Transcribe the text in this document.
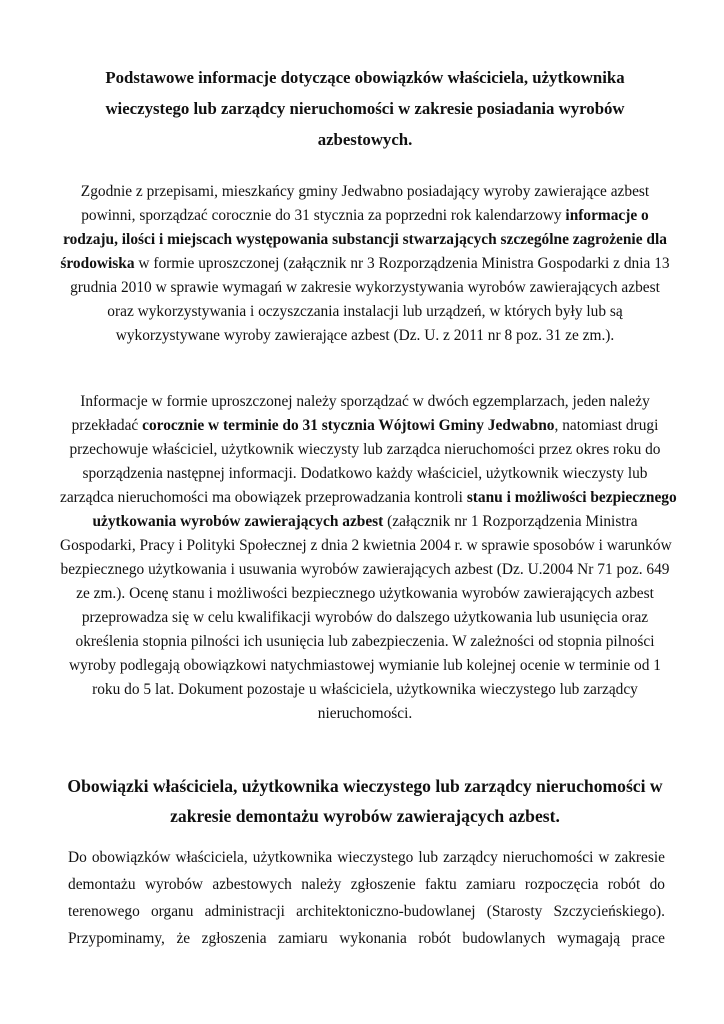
Podstawowe informacje dotyczące obowiązków właściciela, użytkownika
wieczystego lub zarządcy nieruchomości w zakresie posiadania wyrobów
azbestowych.
Zgodnie z przepisami, mieszkańcy gminy Jedwabno posiadający wyroby zawierające azbest
powinni, sporządzać corocznie do 31 stycznia za poprzedni rok kalendarzowy informacje o
rodzaju, ilości i miejscach występowania substancji stwarzających szczególne zagrożenie dla
środowiska w formie uproszczonej (załącznik nr 3 Rozporządzenia Ministra Gospodarki z dnia 13
grudnia 2010 w sprawie wymagań w zakresie wykorzystywania wyrobów zawierających azbest
oraz wykorzystywania i oczyszczania instalacji lub urządzeń, w których były lub są
wykorzystywane wyroby zawierające azbest (Dz. U. z 2011 nr 8 poz. 31 ze zm.).
Informacje w formie uproszczonej należy sporządzać w dwóch egzemplarzach, jeden należy
przekładać corocznie w terminie do 31 stycznia Wójtowi Gminy Jedwabno, natomiast drugi
przechowuje właściciel, użytkownik wieczysty lub zarządca nieruchomości przez okres roku do
sporządzenia następnej informacji. Dodatkowo każdy właściciel, użytkownik wieczysty lub
zarządca nieruchomości ma obowiązek przeprowadzania kontroli stanu i możliwości bezpiecznego
użytkowania wyrobów zawierających azbest (załącznik nr 1 Rozporządzenia Ministra
Gospodarki, Pracy i Polityki Społecznej z dnia 2 kwietnia 2004 r. w sprawie sposobów i warunków
bezpiecznego użytkowania i usuwania wyrobów zawierających azbest (Dz. U.2004 Nr 71 poz. 649
ze zm.). Ocenę stanu i możliwości bezpiecznego użytkowania wyrobów zawierających azbest
przeprowadza się w celu kwalifikacji wyrobów do dalszego użytkowania lub usunięcia oraz
określenia stopnia pilności ich usunięcia lub zabezpieczenia. W zależności od stopnia pilności
wyroby podlegają obowiązkowi natychmiastowej wymianie lub kolejnej ocenie w terminie od 1
roku do 5 lat. Dokument pozostaje u właściciela, użytkownika wieczystego lub zarządcy
nieruchomości.
Obowiązki właściciela, użytkownika wieczystego lub zarządcy nieruchomości w
zakresie demontażu wyrobów zawierających azbest.
Do obowiązków właściciela, użytkownika wieczystego lub zarządcy nieruchomości w zakresie
demontażu wyrobów azbestowych należy zgłoszenie faktu zamiaru rozpoczęcia robót do
terenowego organu administracji architektoniczno-budowlanej (Starosty Szczycieńskiego).
Przypominamy, że zgłoszenia zamiaru wykonania robót budowlanych wymagają prace
